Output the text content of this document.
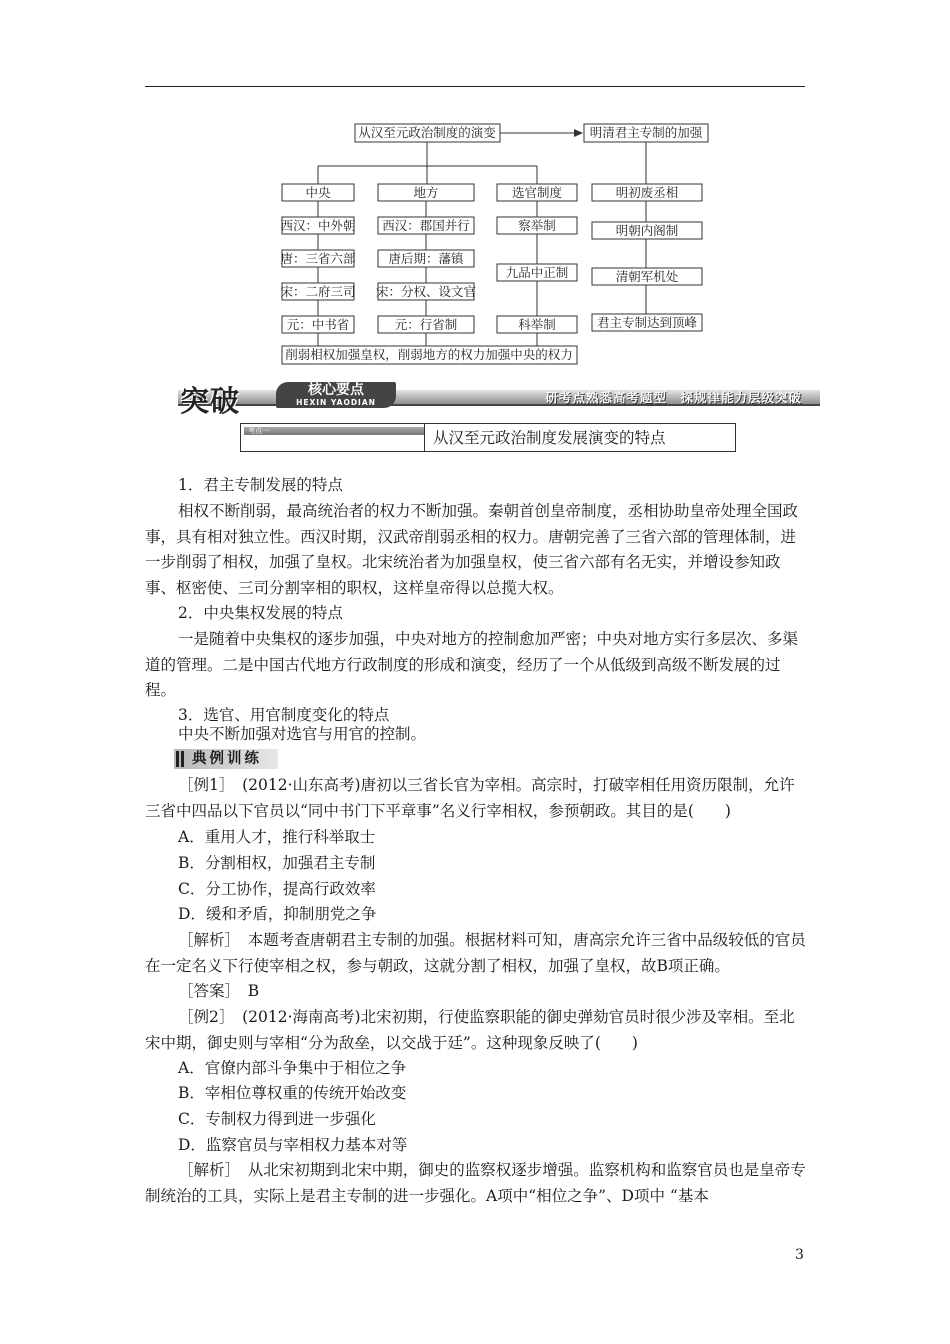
从汉至元政治制度的演变	明清君主专制的加强
中央	地方	选官制度	明初废丞相
西汉：中外朝
唐：三省六部
宋：二府三司
元：中书省
西汉：郡国并行
唐后期：藩镇
宋：分权、设文官
元：行省制
察举制
九品中正制
科举制
明朝内阁制
清朝军机处
君主专制达到顶峰
削弱相权加强皇权，削弱地方的权力加强中央的权力
突破	核心要点
HEXIN YAODIAN	研考点熟悉高考题型　探规律能力层级突破
考点一	从汉至元政治制度发展演变的特点

1．君主专制发展的特点

相权不断削弱，最高统治者的权力不断加强。秦朝首创皇帝制度，丞相协助皇帝处理全国政事，具有相对独立性。西汉时期，汉武帝削弱丞相的权力。唐朝完善了三省六部的管理体制，进一步削弱了相权，加强了皇权。北宋统治者为加强皇权，使三省六部有名无实，并增设参知政事、枢密使、三司分割宰相的职权，这样皇帝得以总揽大权。

2．中央集权发展的特点

一是随着中央集权的逐步加强，中央对地方的控制愈加严密；中央对地方实行多层次、多渠道的管理。二是中国古代地方行政制度的形成和演变，经历了一个从低级到高级不断发展的过程。

3．选官、用官制度变化的特点

中央不断加强对选官与用官的控制。

典例训练

［例1］　(2012·山东高考)唐初以三省长官为宰相。高宗时，打破宰相任用资历限制，允许三省中四品以下官员以“同中书门下平章事”名义行宰相权，参预朝政。其目的是(　　)

A．重用人才，推行科举取士

B．分割相权，加强君主专制

C．分工协作，提高行政效率

D．缓和矛盾，抑制朋党之争

［解析］　本题考查唐朝君主专制的加强。根据材料可知，唐高宗允许三省中品级较低的官员在一定名义下行使宰相之权，参与朝政，这就分割了相权，加强了皇权，故B项正确。

［答案］　B

［例2］　(2012·海南高考)北宋初期，行使监察职能的御史弹劾官员时很少涉及宰相。至北宋中期，御史则与宰相“分为敌垒，以交战于廷”。这种现象反映了(　　)

A．官僚内部斗争集中于相位之争

B．宰相位尊权重的传统开始改变

C．专制权力得到进一步强化

D．监察官员与宰相权力基本对等

［解析］　从北宋初期到北宋中期，御史的监察权逐步增强。监察机构和监察官员也是皇帝专制统治的工具，实际上是君主专制的进一步强化。A项中“相位之争”、D项中 “基本

3
